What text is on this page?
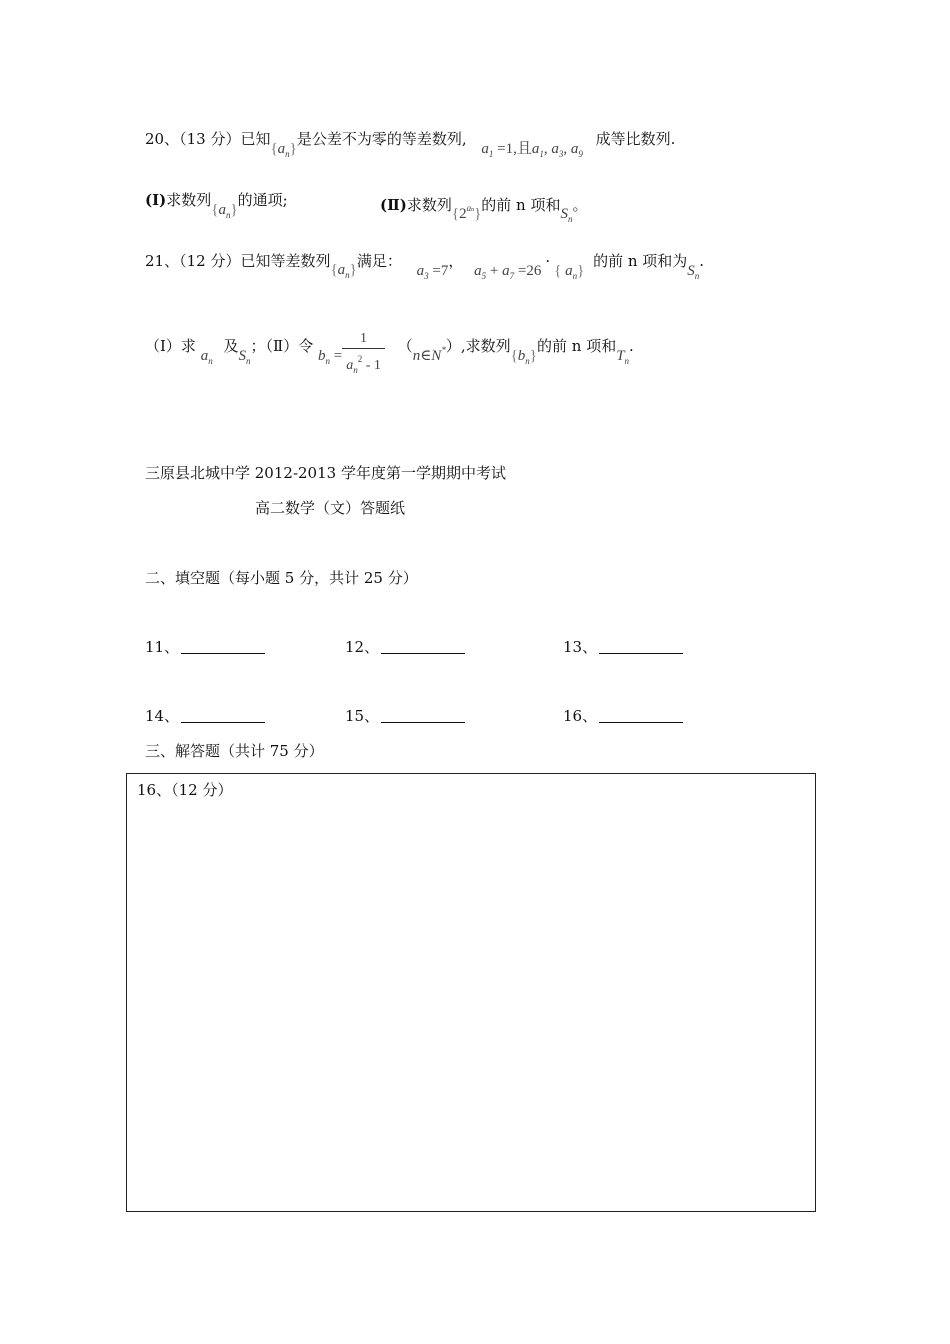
20、（13 分）已知$\{a_n\}$是公差不为零的等差数列, $a_1 =1$,且$a_1$, $a_3$, $a_9$ 成等比数列.
(Ⅰ)求数列$\{a_n\}$的通项;	(Ⅱ)求数列$\{2^{an}\}$的前 n 项和$S_n$。
21、（12 分）已知等差数列$\{a_n\}$满足： $a_3 =7$， $a_5 + a_7 =26\cdot${ $a_n$} 的前 n 项和为$S_n$.
（Ⅰ）求 $a_n$ 及$S_n$；（Ⅱ）令 $b_n = \frac{1}{a_n^2 - 1}$ （n∈N*）,求数列$\{b_n\}$的前 n 项和$T_n$.
三原县北城中学 2012-2013 学年度第一学期期中考试
高二数学（文）答题纸
二、填空题（每小题 5 分，共计 25 分）
11、	12、	13、
14、	15、	16、
三、解答题（共计 75 分）
16、（12 分）
